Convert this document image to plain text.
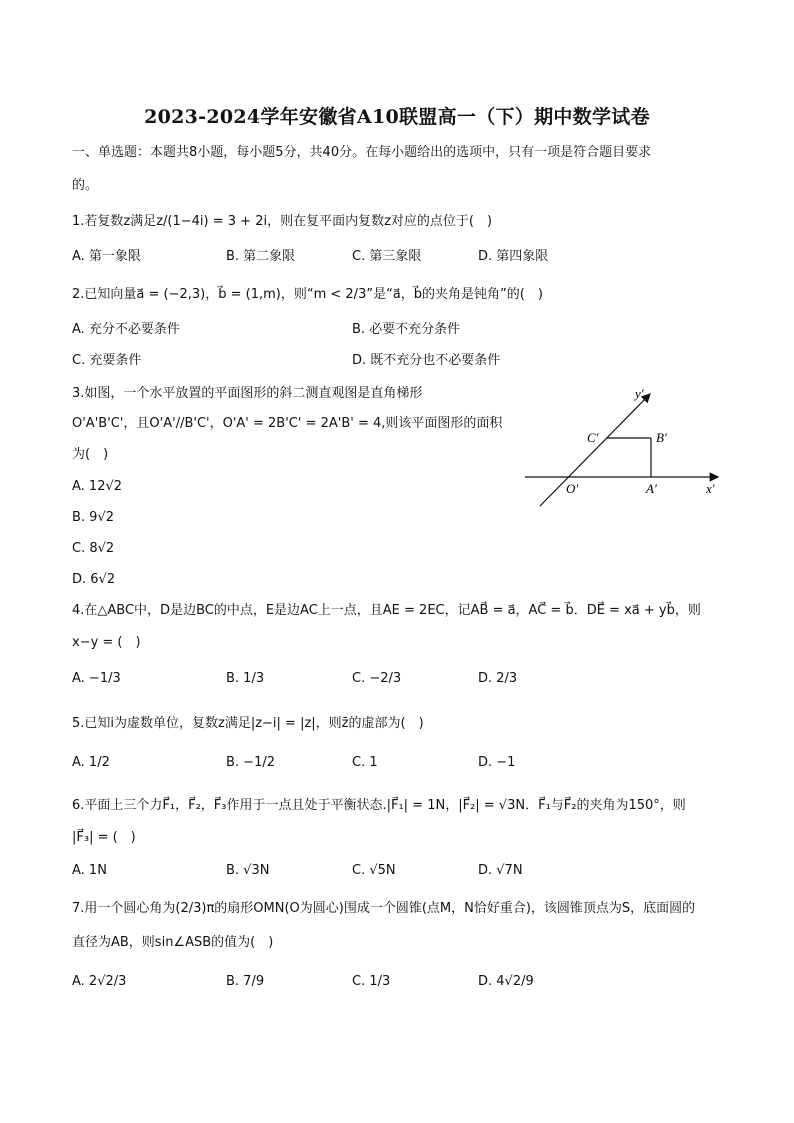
2023-2024学年安徽省A10联盟高一（下）期中数学试卷
一、单选题：本题共8小题，每小题5分，共40分。在每小题给出的选项中，只有一项是符合题目要求
的。
1.若复数z满足z/(1−4i) = 3 + 2i，则在复平面内复数z对应的点位于(　)
A. 第一象限	B. 第二象限	C. 第三象限	D. 第四象限
2.已知向量a⃗ = (−2,3)，b⃗ = (1,m)，则“m < 2/3”是“a⃗，b⃗的夹角是钝角”的(　)
A. 充分不必要条件	B. 必要不充分条件
C. 充要条件	D. 既不充分也不必要条件
3.如图，一个水平放置的平面图形的斜二测直观图是直角梯形
O'A'B'C'，且O'A'//B'C'，O'A' = 2B'C' = 2A'B' = 4,则该平面图形的面积
为(　)
A. 12√2
B. 9√2
C. 8√2
D. 6√2
y′
x′
C′	B′
O′	A′
4.在△ABC中，D是边BC的中点，E是边AC上一点，且AE = 2EC，记AB⃗ = a⃗，AC⃗ = b⃗．DE⃗ = xa⃗ + yb⃗，则
x−y = (　)
A. −1/3	B. 1/3	C. −2/3	D. 2/3
5.已知i为虚数单位，复数z满足|z−i| = |z|，则z̄的虚部为(　)
A. 1/2	B. −1/2	C. 1	D. −1
6.平面上三个力F⃗₁，F⃗₂，F⃗₃作用于一点且处于平衡状态.|F⃗₁| = 1N，|F⃗₂| = √3N．F⃗₁与F⃗₂的夹角为150°，则
|F⃗₃| = (　)
A. 1N	B. √3N	C. √5N	D. √7N
7.用一个圆心角为(2/3)π的扇形OMN(O为圆心)围成一个圆锥(点M，N恰好重合)，该圆锥顶点为S，底面圆的
直径为AB，则sin∠ASB的值为(　)
A. 2√2/3	B. 7/9	C. 1/3	D. 4√2/9
